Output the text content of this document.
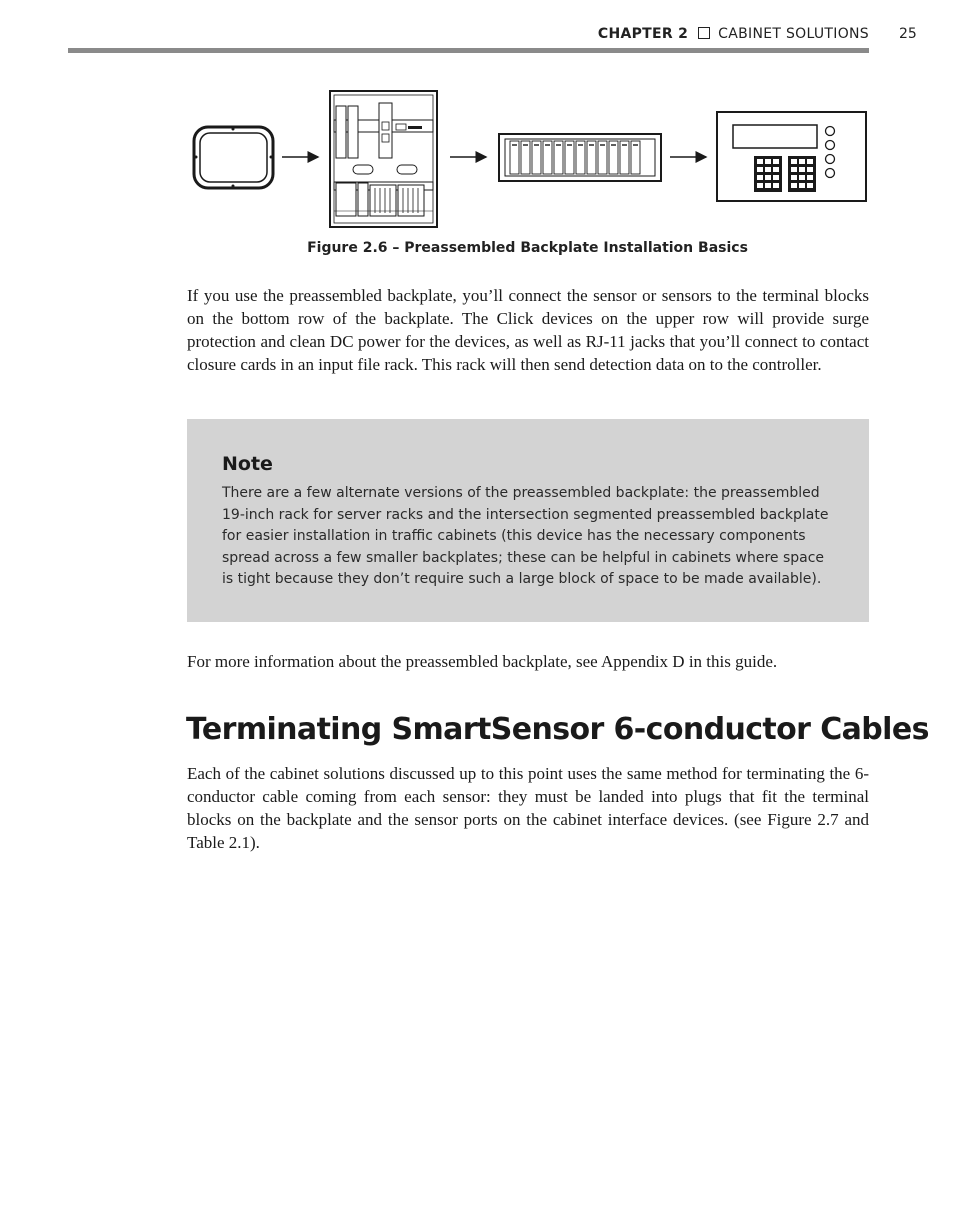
CHAPTER 2 CABINET SOLUTIONS 25
Figure 2.6 – Preassembled Backplate Installation Basics

If you use the preassembled backplate, you’ll connect the sensor or sensors to the terminal blocks on the bottom row of the backplate. The Click devices on the upper row will provide surge protection and clean DC power for the devices, as well as RJ-11 jacks that you’ll connect to contact closure cards in an input file rack. This rack will then send detection data on to the controller.

Note

There are a few alternate versions of the preassembled backplate: the preassembled 19-inch rack for server racks and the intersection segmented preassembled backplate for easier installation in traffic cabinets (this device has the necessary components spread across a few smaller backplates; these can be helpful in cabinets where space is tight because they don’t require such a large block of space to be made available).

For more information about the preassembled backplate, see Appendix D in this guide.

Terminating SmartSensor 6-conductor Cables

Each of the cabinet solutions discussed up to this point uses the same method for terminating the 6-conductor cable coming from each sensor: they must be landed into plugs that fit the terminal blocks on the backplate and the sensor ports on the cabinet interface devices. (see Figure 2.7 and Table 2.1).
